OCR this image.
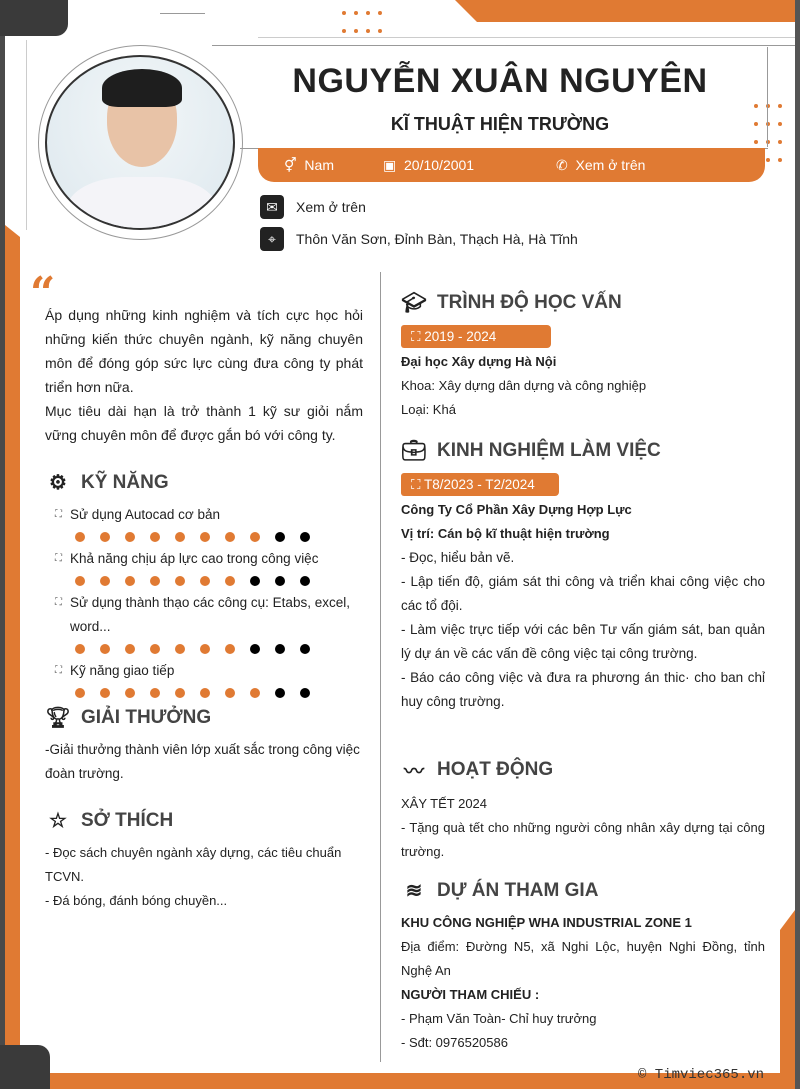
NGUYỄN XUÂN NGUYÊN
KĨ THUẬT HIỆN TRƯỜNG
⚥ Nam	▣ 20/10/2001	✆ Xem ở trên
✉	Xem ở trên
⌖	Thôn Văn Sơn, Đỉnh Bàn, Thạch Hà, Hà Tĩnh
“
Áp dụng những kinh nghiệm và tích cực học hỏi những kiến thức chuyên ngành, kỹ năng chuyên môn để đóng góp sức lực cùng đưa công ty phát triển hơn nữa.
Mục tiêu dài hạn là trở thành 1 kỹ sư giỏi nắm vững chuyên môn để được gắn bó với công ty.
⚙ KỸ NĂNG
⛶ Sử dụng Autocad cơ bản
⛶ Khả năng chịu áp lực cao trong công việc
⛶ Sử dụng thành thạo các công cụ: Etabs, excel, word...
⛶ Kỹ năng giao tiếp
🏆︎ GIẢI THƯỞNG
-Giải thưởng thành viên lớp xuất sắc trong công việc đoàn trường.
☆ SỞ THÍCH
- Đọc sách chuyên ngành xây dựng, các tiêu chuẩn TCVN.
- Đá bóng, đánh bóng chuyền...
🎓︎ TRÌNH ĐỘ HỌC VẤN
⛶ 2019 - 2024
Đại học Xây dựng Hà Nội
Khoa: Xây dựng dân dựng và công nghiệp
Loại: Khá
💼︎ KINH NGHIỆM LÀM VIỆC
⛶ T8/2023 - T2/2024
Công Ty Cổ Phần Xây Dựng Hợp Lực
Vị trí: Cán bộ kĩ thuật hiện trường
- Đọc, hiểu bản vẽ.
- Lập tiến độ, giám sát thi công và triển khai công việc cho các tổ đội.
- Làm việc trực tiếp với các bên Tư vấn giám sát, ban quản lý dự án về các vấn đề công việc tại công trường.
- Báo cáo công việc và đưa ra phương án thic· cho ban chỉ huy công trường.
〰 HOẠT ĐỘNG
XÂY TẾT 2024
- Tặng quà tết cho những người công nhân xây dựng tại công trường.
≋ DỰ ÁN THAM GIA
KHU CÔNG NGHIỆP WHA INDUSTRIAL ZONE 1
Địa điểm: Đường N5, xã Nghi Lộc, huyện Nghi Đồng, tỉnh Nghệ An
NGƯỜI THAM CHIẾU :
- Phạm Văn Toàn- Chỉ huy trưởng
- Sđt: 0976520586
© Timviec365.vn
